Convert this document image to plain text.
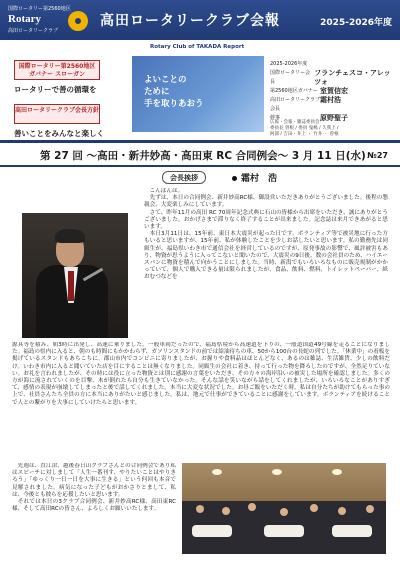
国際ロータリー第2560地区
Rotary
高田ロータリークラブ
高田ロータリークラブ会報	2025-2026年度
Rotary Club of TAKADA Report
国際ロータリー第2560地区 ガバナー スローガン
ロータリーで善の循環を
高田ロータリークラブ会長方針
善いことをみんなと楽しく
よいことの
ために
手を取りあおう
2025-2026年度
国際ロータリー会長
フランチェスコ・アレッツォ
第2560地区ガバナー 室賀信宏
高田ロータリークラブ会長
霜村浩
幹事	原野聖子
広報・会報・雑誌委員会：
委員長 曽根 / 委員 鬼嶋 / 久我上 /
阿部 / 吉田・井上 ・ 竹井 ・ 曽根
第 27 回 ～高田・新井妙高・高田東 RC 合同例会～ 3 月 11 日(水) №27
会長挨拶	霜村　浩
　こんばんは。
　先ずは、本日の合同例会、新井妙高RC様、御設営いただきありがとうございました。後程の懇親会、大変楽しみにしています。
　さて、昨年11月の高田 RC 70周年記念式典に石山の皆様から出席をいただき、誠にありがとうございました。おかげさまで滞りなく終了することが出来ました。記念誌は来月できあがると思います。
　本日3月11日は、15年前、東日本大震災が起った日です。ボランティア等で被災地に行った方もいると思いますが、15年前、私が体験したことを少しお話したいと思います。私の勤務先は同級生が、福島県いわき市で通信会社を経営しているのですが、原発事故の影響で、風評被害もあり、物資が思うように入ってこないと聞いたので、大震災の9日後、数の会社員のため、ハイエースバンに物資を積んで向かうことにしました。当時、新潟でもいろいろなものに販売規制がかかっていて、個人で購入できる量は限られましたが、食品、飲料、燃料、トイレットペーパー、紙おむつなどを
源具等を積み、朝3時に出発し、高速に乗りました。一般車両だったので、福島県境から高速道を下りの、一般道国道49号線を走ることになりました。福島の県内に入ると、朝のも時間にもかかわらず、ガソリンスタンドの前では給油待ちの車、50から100台の長蛇の列でした。「休業中」の看板を掲げているスタンドもあちこちに。郡山市内でコンビニに寄りましたが、お握りや食料品はほとんどなく、あるのは雑誌、生活雑貨、少しの飲料だけ。いわき市内に入ると聞いていた店を目にすることは無くなりました。同級生の会社に着き、持って行った物を降ろしたのですが、全然足りていない。お礼を言われましたが、その時には役に立った物資とは別に感謝の言葉をいただき、その方々の海岸沿いの被災した場所を確認しました。多くの方が海に流されていくのを目撃、木が倒れたら自分も生きていなかった。そんな話を笑いながら話をしてくれましたが、いろいろなことがありすぎて、感情の表現が崩壊してしまったと後で話してくれました。本当に大変な状況でした。お昼ご飯をいただく時、私は自分たちが助けてもらった事の上で、社員さんたち全員の方に本当にありがたいと感じました。私は、地元で仕事ができていることに感謝をしています。ボランティアを続けることで人との繋がりを大事にしていけたらと思います。
　先週は、直江津、越後春日山クラブさんとの合同例会であり私はスピーチに対しまして「人生一番刊す、やりたいことはやりきろう」「ゆっくり一日一日を大事に生きる」という何回も本音で見解されました。病気になった子どもがおかさりとまして、私は、今後とも彼らを応援したいと思います。
　それでは本日の3クラブ合同例会、新井妙高RC様、高田東RC様、そして高田RCの皆さん、よろしくお願いいたします。
